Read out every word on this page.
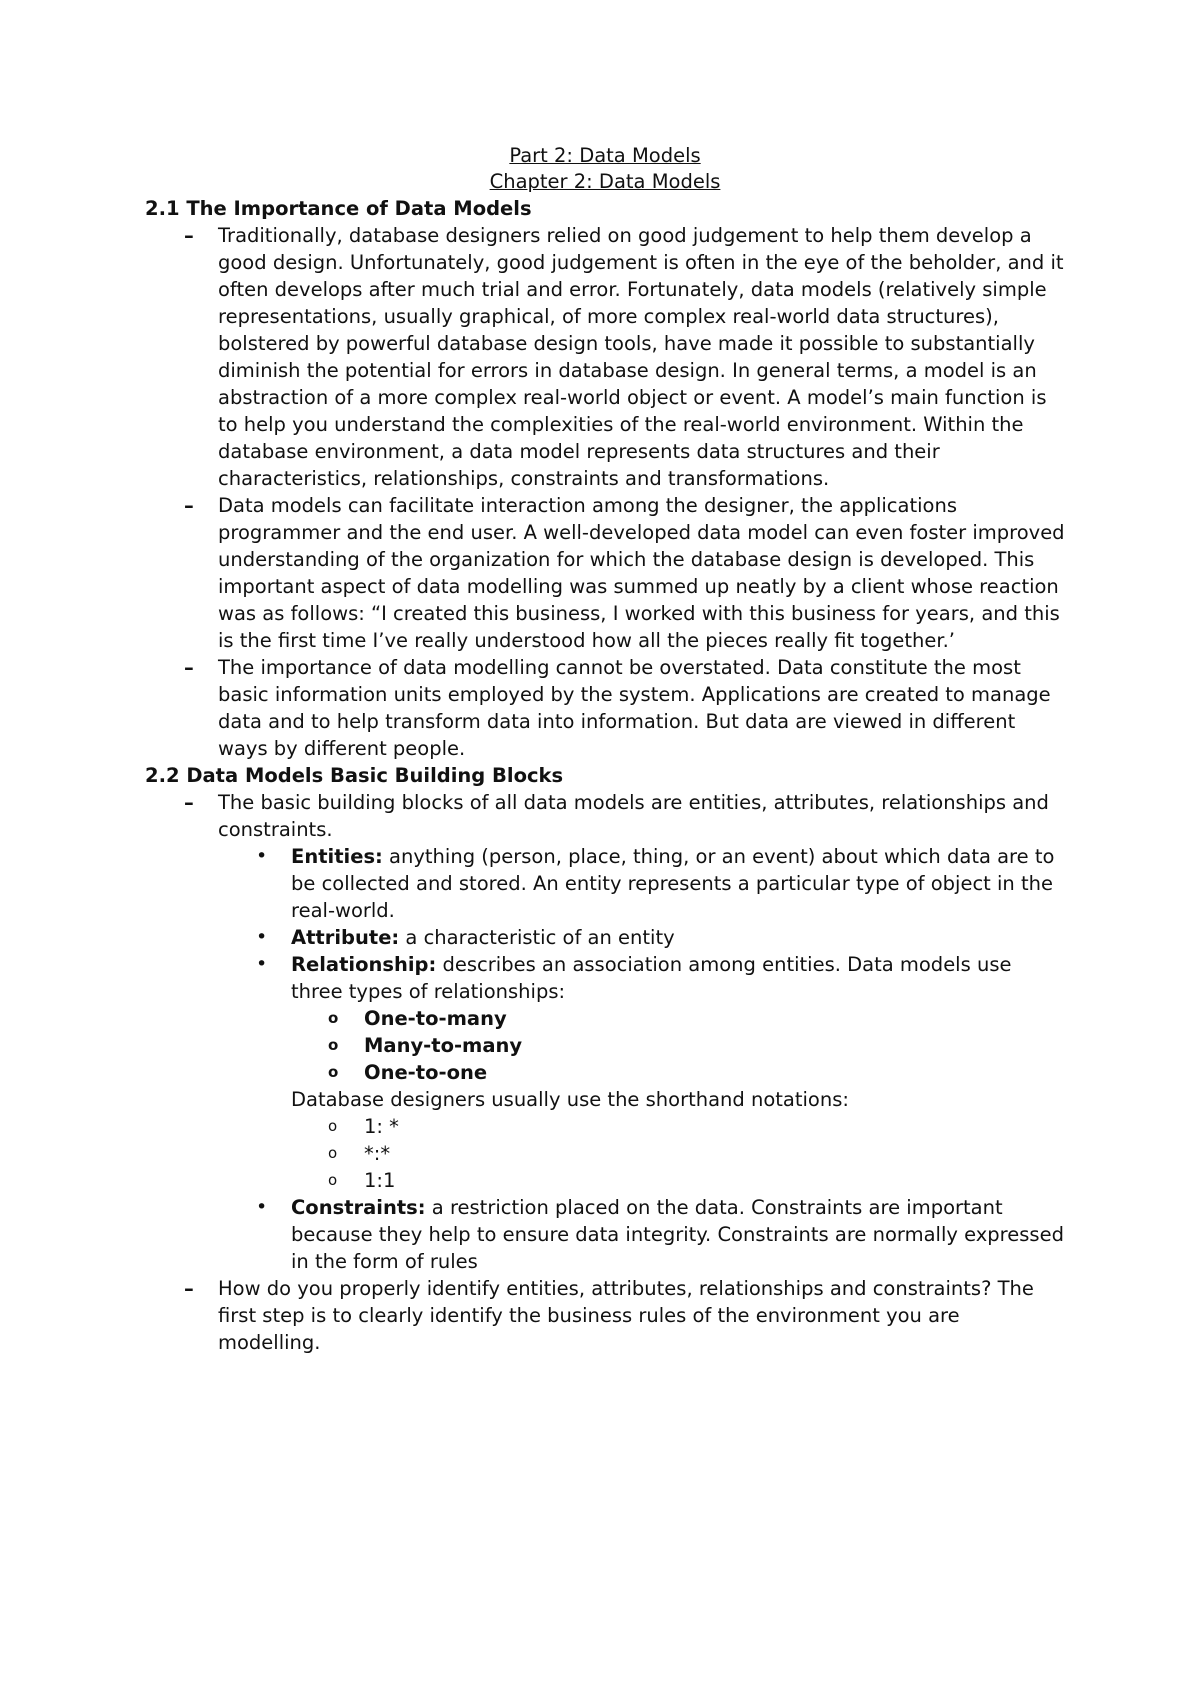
Part 2: Data Models

Chapter 2: Data Models

2.1 The Importance of Data Models

– Traditionally, database designers relied on good judgement to help them develop a good design. Unfortunately, good judgement is often in the eye of the beholder, and it often develops after much trial and error. Fortunately, data models (relatively simple representations, usually graphical, of more complex real-world data structures), bolstered by powerful database design tools, have made it possible to substantially diminish the potential for errors in database design. In general terms, a model is an abstraction of a more complex real-world object or event. A model’s main function is to help you understand the complexities of the real-world environment. Within the database environment, a data model represents data structures and their characteristics, relationships, constraints and transformations.
– Data models can facilitate interaction among the designer, the applications programmer and the end user. A well-developed data model can even foster improved understanding of the organization for which the database design is developed. This important aspect of data modelling was summed up neatly by a client whose reaction was as follows: “I created this business, I worked with this business for years, and this is the first time I’ve really understood how all the pieces really fit together.’
– The importance of data modelling cannot be overstated. Data constitute the most basic information units employed by the system. Applications are created to manage data and to help transform data into information. But data are viewed in different ways by different people.

2.2 Data Models Basic Building Blocks

– The basic building blocks of all data models are entities, attributes, relationships and constraints.
• Entities: anything (person, place, thing, or an event) about which data are to be collected and stored. An entity represents a particular type of object in the real-world.
• Attribute: a characteristic of an entity
• Relationship: describes an association among entities. Data models use three types of relationships:
o One-to-many
o Many-to-many
o One-to-one

Database designers usually use the shorthand notations:

o 1: *
o *:*
o 1:1
• Constraints: a restriction placed on the data. Constraints are important because they help to ensure data integrity. Constraints are normally expressed in the form of rules
– How do you properly identify entities, attributes, relationships and constraints? The first step is to clearly identify the business rules of the environment you are modelling.
